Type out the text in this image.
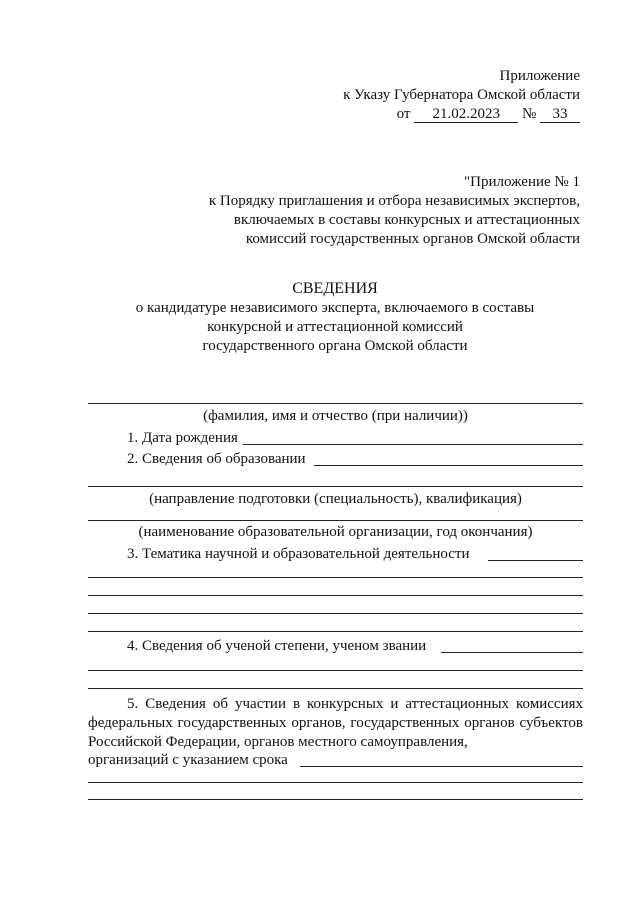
Приложение
к Указу Губернатора Омской области
от 21.02.2023 № 33
"Приложение № 1
к Порядку приглашения и отбора независимых экспертов,
включаемых в составы конкурсных и аттестационных
комиссий государственных органов Омской области
СВЕДЕНИЯ
о кандидатуре независимого эксперта, включаемого в составы
конкурсной и аттестационной комиссий
государственного органа Омской области
(фамилия, имя и отчество (при наличии))
1. Дата рождения
2. Сведения об образовании
(направление подготовки (специальность), квалификация)
(наименование образовательной организации, год окончания)
3. Тематика научной и образовательной деятельности
4. Сведения об ученой степени, ученом звании
5. Сведения об участии в конкурсных и аттестационных комиссиях федеральных государственных органов, государственных органов субъектов Российской Федерации, органов местного самоуправления,
организаций с указанием срока
